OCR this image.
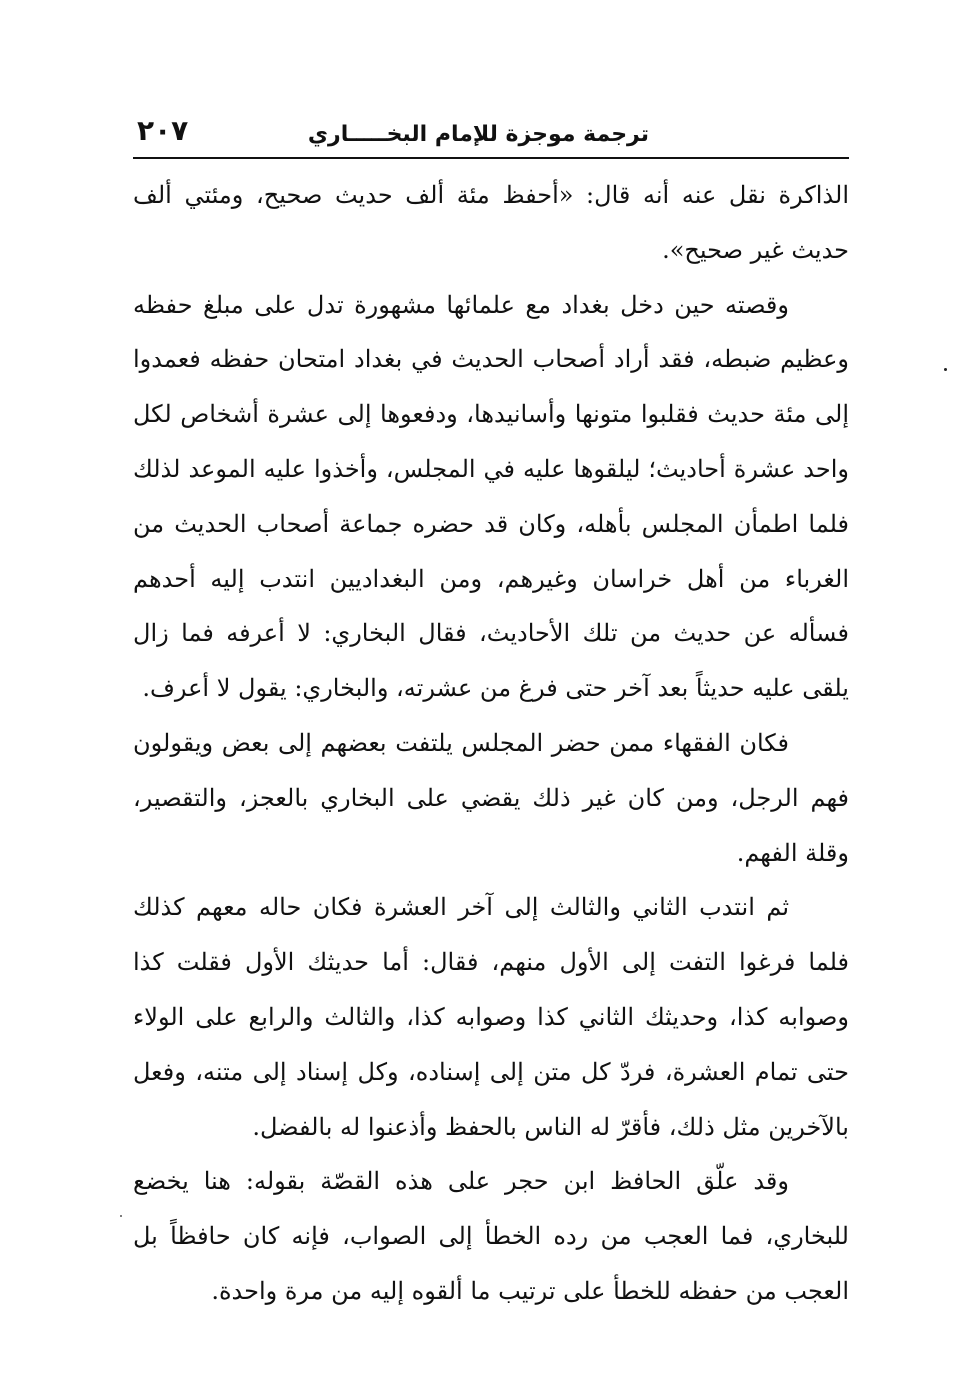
ترجمة موجزة للإمام البخـــــاري
٢٠٧

الذاكرة نقل عنه أنه قال: «أحفظ مئة ألف حديث صحيح، ومئتي ألف حديث غير صحيح».

وقصته حين دخل بغداد مع علمائها مشهورة تدل على مبلغ حفظه وعظيم ضبطه، فقد أراد أصحاب الحديث في بغداد امتحان حفظه فعمدوا إلى مئة حديث فقلبوا متونها وأسانيدها، ودفعوها إلى عشرة أشخاص لكل واحد عشرة أحاديث؛ ليلقوها عليه في المجلس، وأخذوا عليه الموعد لذلك فلما اطمأن المجلس بأهله، وكان قد حضره جماعة أصحاب الحديث من الغرباء من أهل خراسان وغيرهم، ومن البغداديين انتدب إليه أحدهم فسأله عن حديث من تلك الأحاديث، فقال البخاري: لا أعرفه فما زال يلقى عليه حديثاً بعد آخر حتى فرغ من عشرته، والبخاري: يقول لا أعرف.

فكان الفقهاء ممن حضر المجلس يلتفت بعضهم إلى بعض ويقولون فهم الرجل، ومن كان غير ذلك يقضي على البخاري بالعجز، والتقصير، وقلة الفهم.

ثم انتدب الثاني والثالث إلى آخر العشرة فكان حاله معهم كذلك فلما فرغوا التفت إلى الأول منهم، فقال: أما حديثك الأول فقلت كذا وصوابه كذا، وحديثك الثاني كذا وصوابه كذا، والثالث والرابع على الولاء حتى تمام العشرة، فردّ كل متن إلى إسناده، وكل إسناد إلى متنه، وفعل بالآخرين مثل ذلك، فأقرّ له الناس بالحفظ وأذعنوا له بالفضل.

وقد علّق الحافظ ابن حجر على هذه القصّة بقوله: هنا يخضع للبخاري، فما العجب من رده الخطأ إلى الصواب، فإنه كان حافظاً بل العجب من حفظه للخطأ على ترتيب ما ألقوه إليه من مرة واحدة.
